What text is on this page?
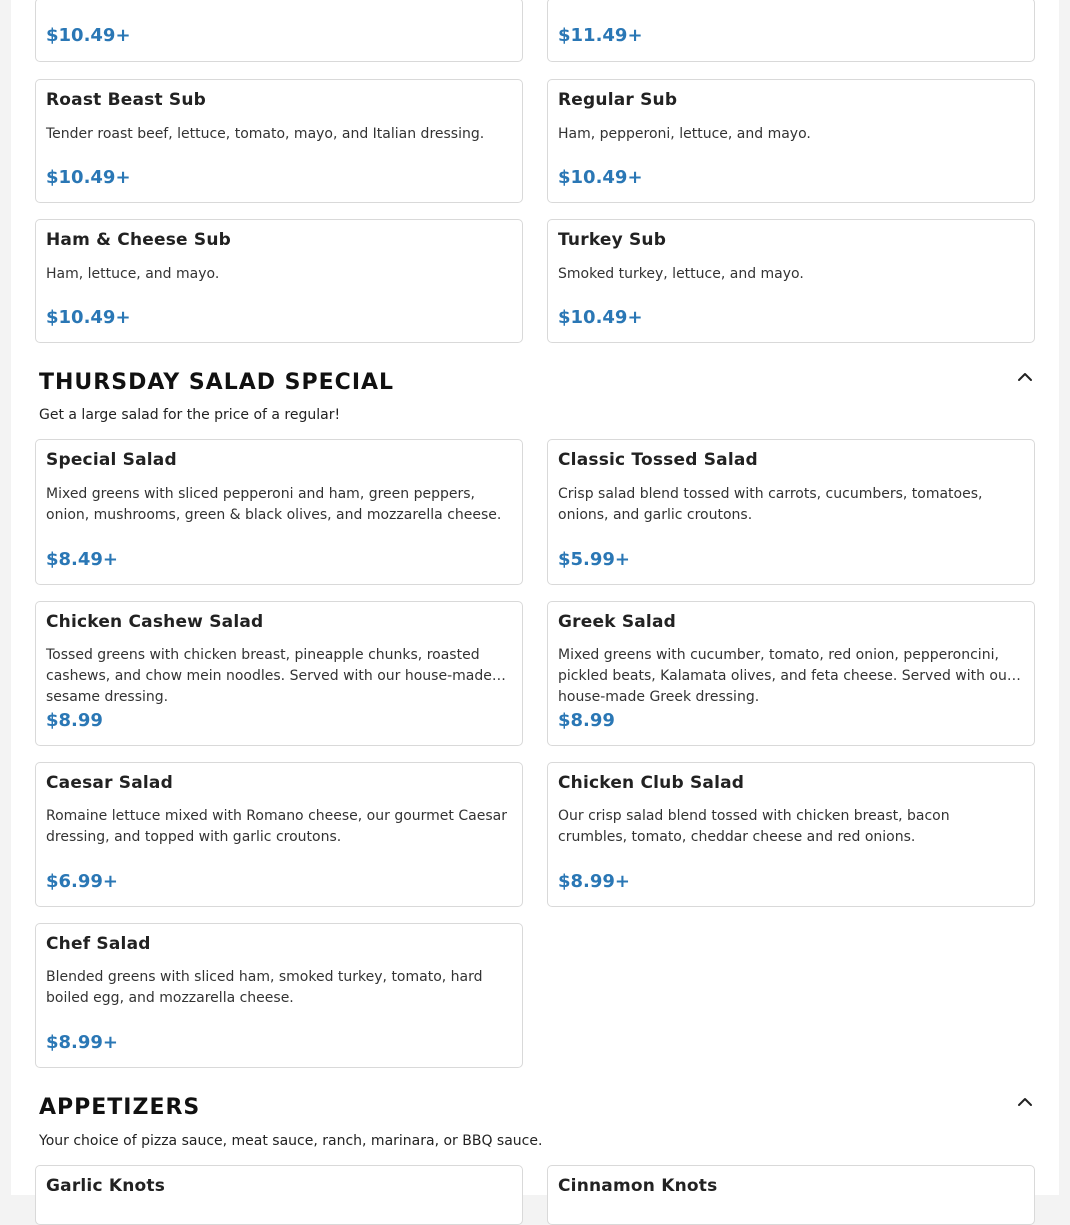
$10.49+	$11.49+
Roast Beast Sub
Tender roast beef, lettuce, tomato, mayo, and Italian dressing.
$10.49+
Regular Sub
Ham, pepperoni, lettuce, and mayo.
$10.49+
Ham & Cheese Sub
Ham, lettuce, and mayo.
$10.49+
Turkey Sub
Smoked turkey, lettuce, and mayo.
$10.49+
THURSDAY SALAD SPECIAL
Get a large salad for the price of a regular!
Special Salad
Mixed greens with sliced pepperoni and ham, green peppers, onion, mushrooms, green & black olives, and mozzarella cheese.
$8.49+
Classic Tossed Salad
Crisp salad blend tossed with carrots, cucumbers, tomatoes, onions, and garlic croutons.
$5.99+
Chicken Cashew Salad
Tossed greens with chicken breast, pineapple chunks, roasted cashews, and chow mein noodles. Served with our house-made sesame dressing.
$8.99
Greek Salad
Mixed greens with cucumber, tomato, red onion, pepperoncini, pickled beats, Kalamata olives, and feta cheese. Served with our house-made Greek dressing.
$8.99
Caesar Salad
Romaine lettuce mixed with Romano cheese, our gourmet Caesar dressing, and topped with garlic croutons.
$6.99+
Chicken Club Salad
Our crisp salad blend tossed with chicken breast, bacon crumbles, tomato, cheddar cheese and red onions.
$8.99+
Chef Salad
Blended greens with sliced ham, smoked turkey, tomato, hard boiled egg, and mozzarella cheese.
$8.99+
APPETIZERS
Your choice of pizza sauce, meat sauce, ranch, marinara, or BBQ sauce.
Garlic Knots	Cinnamon Knots
